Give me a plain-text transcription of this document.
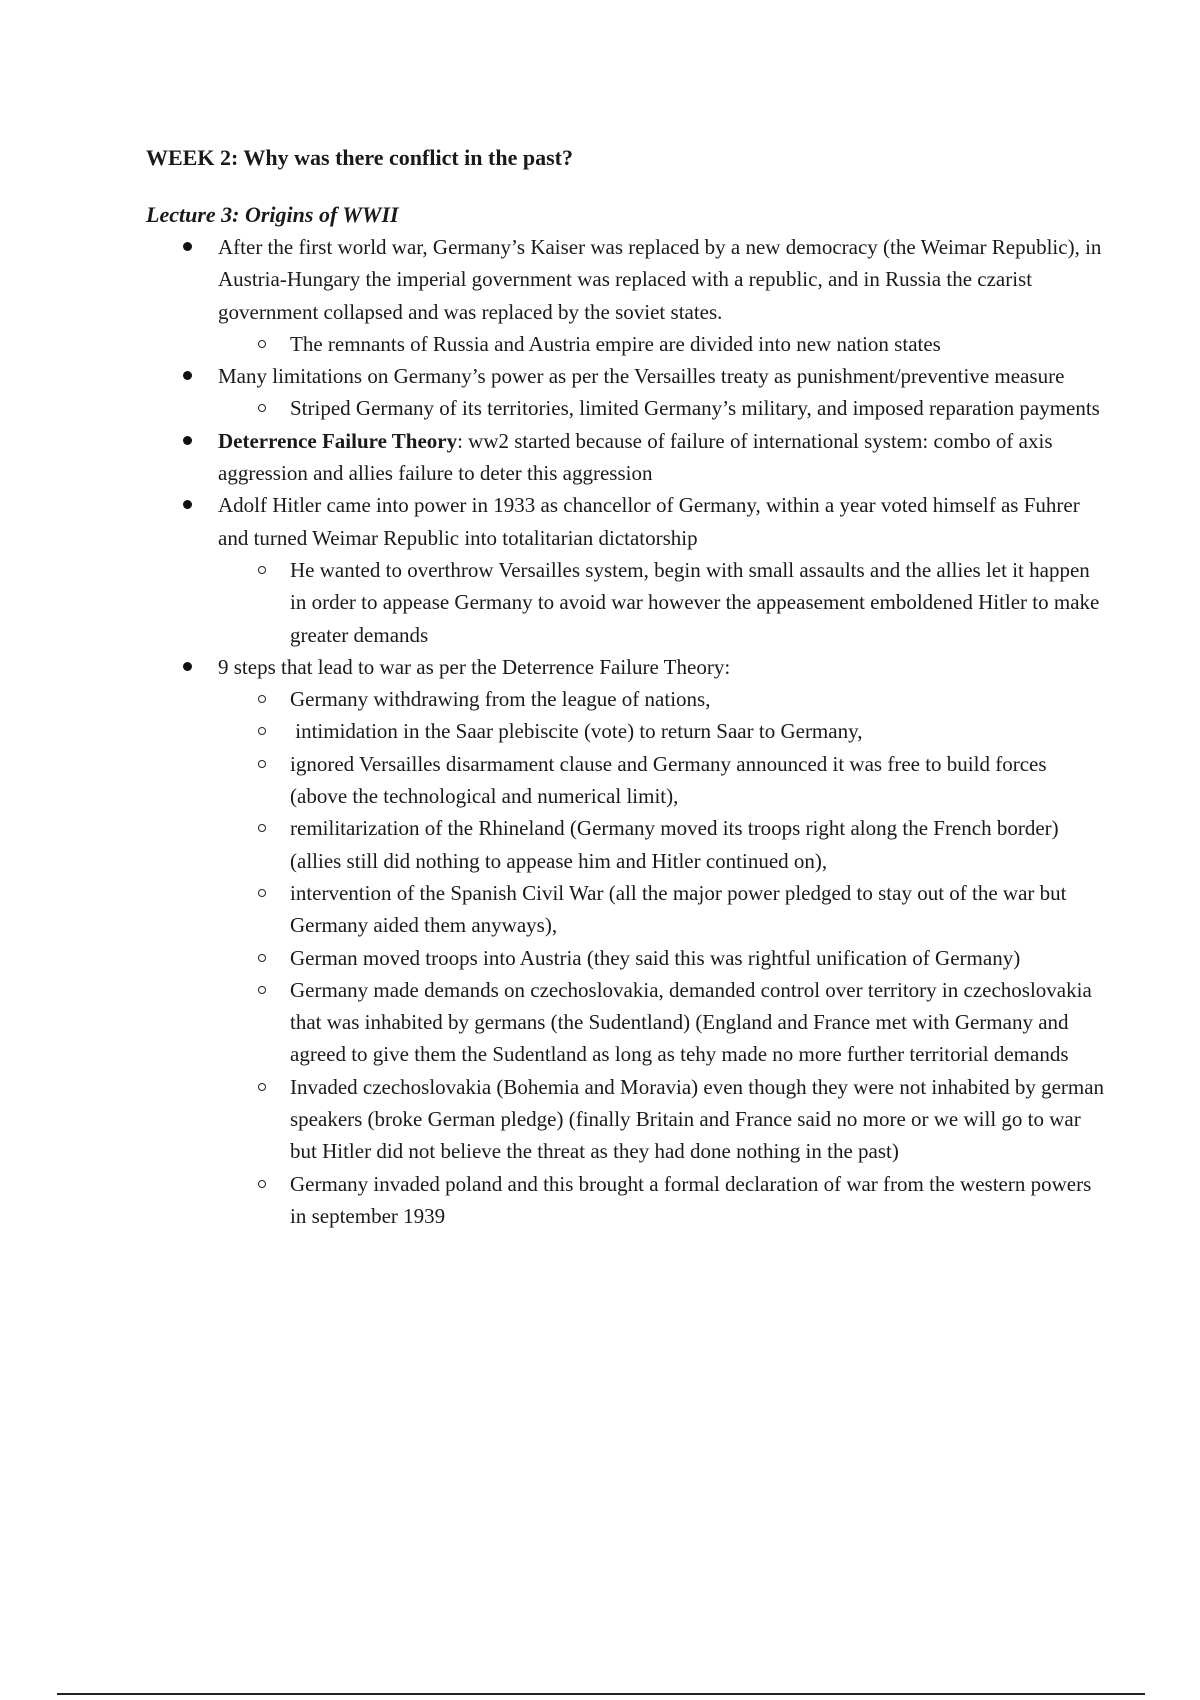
WEEK 2: Why was there conflict in the past?
Lecture 3: Origins of WWII
After the first world war, Germany’s Kaiser was replaced by a new democracy (the Weimar Republic), in Austria-Hungary the imperial government was replaced with a republic, and in Russia the czarist government collapsed and was replaced by the soviet states.
The remnants of Russia and Austria empire are divided into new nation states
Many limitations on Germany’s power as per the Versailles treaty as punishment/preventive measure
Striped Germany of its territories, limited Germany’s military, and imposed reparation payments
Deterrence Failure Theory: ww2 started because of failure of international system: combo of axis aggression and allies failure to deter this aggression
Adolf Hitler came into power in 1933 as chancellor of Germany, within a year voted himself as Fuhrer and turned Weimar Republic into totalitarian dictatorship
He wanted to overthrow Versailles system, begin with small assaults and the allies let it happen in order to appease Germany to avoid war however the appeasement emboldened Hitler to make greater demands
9 steps that lead to war as per the Deterrence Failure Theory:
Germany withdrawing from the league of nations,
intimidation in the Saar plebiscite (vote) to return Saar to Germany,
ignored Versailles disarmament clause and Germany announced it was free to build forces (above the technological and numerical limit),
remilitarization of the Rhineland (Germany moved its troops right along the French border) (allies still did nothing to appease him and Hitler continued on),
intervention of the Spanish Civil War (all the major power pledged to stay out of the war but Germany aided them anyways),
German moved troops into Austria (they said this was rightful unification of Germany)
Germany made demands on czechoslovakia, demanded control over territory in czechoslovakia that was inhabited by germans (the Sudentland) (England and France met with Germany and agreed to give them the Sudentland as long as tehy made no more further territorial demands
Invaded czechoslovakia (Bohemia and Moravia) even though they were not inhabited by german speakers (broke German pledge) (finally Britain and France said no more or we will go to war but Hitler did not believe the threat as they had done nothing in the past)
Germany invaded poland and this brought a formal declaration of war from the western powers in september 1939
